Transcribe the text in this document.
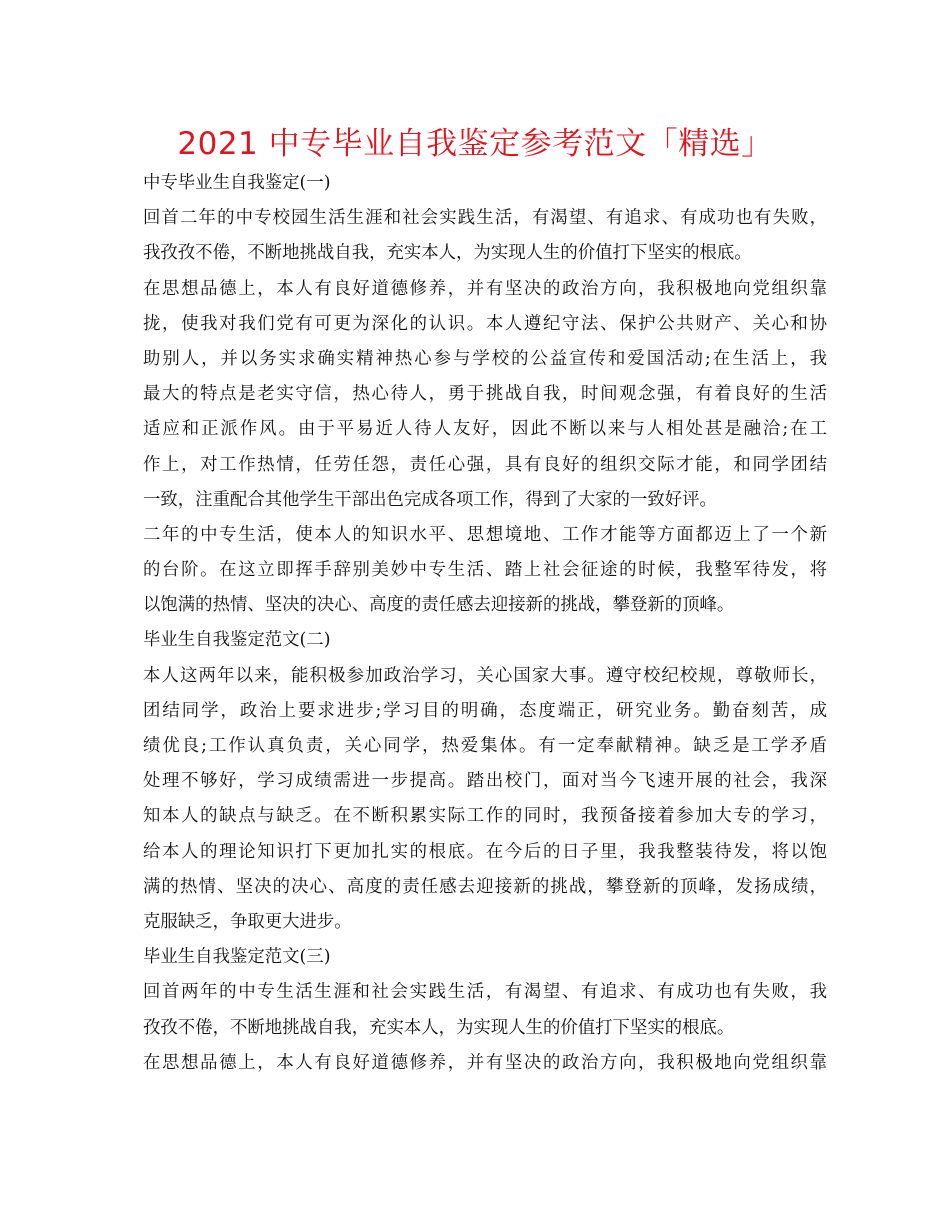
2021 中专毕业自我鉴定参考范文「精选」
中专毕业生自我鉴定(一)
回首二年的中专校园生活生涯和社会实践生活，有渴望、有追求、有成功也有失败，
我孜孜不倦，不断地挑战自我，充实本人，为实现人生的价值打下坚实的根底。
在思想品德上，本人有良好道德修养，并有坚决的政治方向，我积极地向党组织靠
拢，使我对我们党有可更为深化的认识。本人遵纪守法、保护公共财产、关心和协
助别人，并以务实求确实精神热心参与学校的公益宣传和爱国活动;在生活上，我
最大的特点是老实守信，热心待人，勇于挑战自我，时间观念强，有着良好的生活
适应和正派作风。由于平易近人待人友好，因此不断以来与人相处甚是融洽;在工
作上，对工作热情，任劳任怨，责任心强，具有良好的组织交际才能，和同学团结
一致，注重配合其他学生干部出色完成各项工作，得到了大家的一致好评。
二年的中专生活，使本人的知识水平、思想境地、工作才能等方面都迈上了一个新
的台阶。在这立即挥手辞别美妙中专生活、踏上社会征途的时候，我整军待发，将
以饱满的热情、坚决的决心、高度的责任感去迎接新的挑战，攀登新的顶峰。
毕业生自我鉴定范文(二)
本人这两年以来，能积极参加政治学习，关心国家大事。遵守校纪校规，尊敬师长，
团结同学，政治上要求进步;学习目的明确，态度端正，研究业务。勤奋刻苦，成
绩优良;工作认真负责，关心同学，热爱集体。有一定奉献精神。缺乏是工学矛盾
处理不够好，学习成绩需进一步提高。踏出校门，面对当今飞速开展的社会，我深
知本人的缺点与缺乏。在不断积累实际工作的同时，我预备接着参加大专的学习，
给本人的理论知识打下更加扎实的根底。在今后的日子里，我我整装待发，将以饱
满的热情、坚决的决心、高度的责任感去迎接新的挑战，攀登新的顶峰，发扬成绩，
克服缺乏，争取更大进步。
毕业生自我鉴定范文(三)
回首两年的中专生活生涯和社会实践生活，有渴望、有追求、有成功也有失败，我
孜孜不倦，不断地挑战自我，充实本人，为实现人生的价值打下坚实的根底。
在思想品德上，本人有良好道德修养，并有坚决的政治方向，我积极地向党组织靠
